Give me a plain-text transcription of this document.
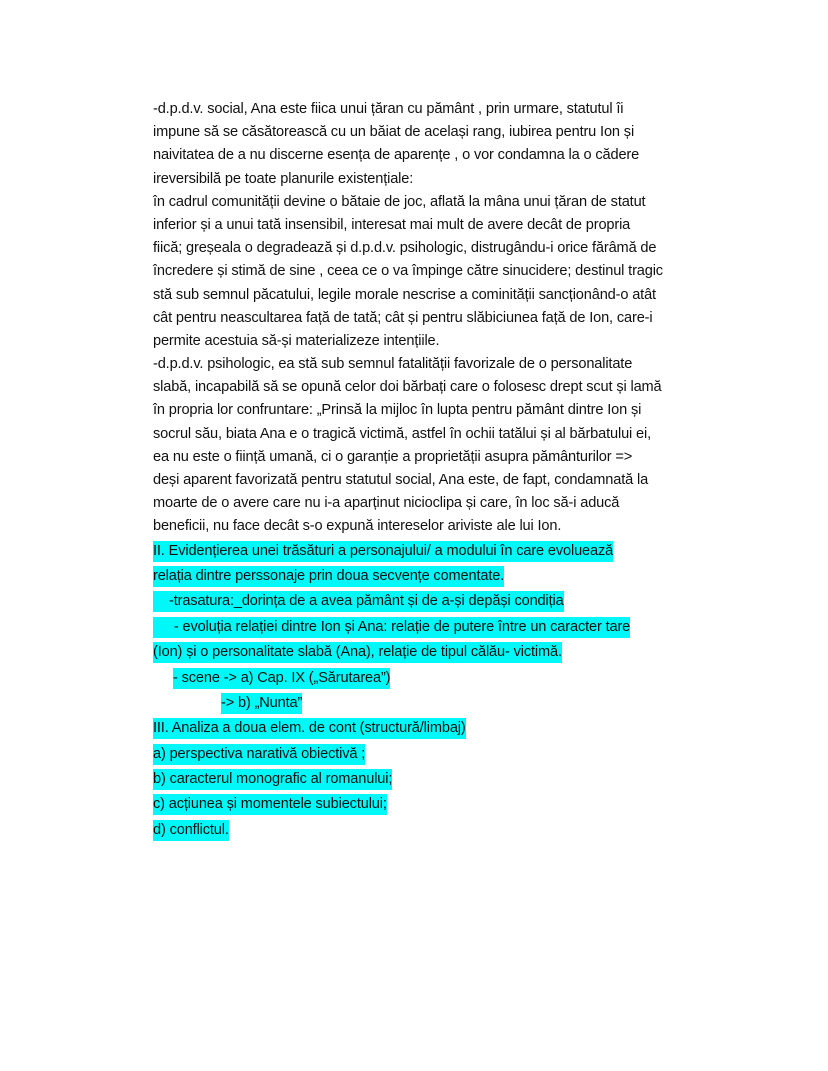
-d.p.d.v. social, Ana este fiica unui țăran cu pământ , prin urmare, statutul îi
impune să se căsătorească cu un băiat de același rang, iubirea pentru Ion și
naivitatea de a nu discerne esența de aparențe , o vor condamna la o cădere
ireversibilă pe toate planurile existențiale:
în cadrul comunității devine o bătaie de joc, aflată la mâna unui țăran de statut
inferior și a unui tată insensibil, interesat mai mult de avere decât de propria
fiică; greșeala o degradează și d.p.d.v. psihologic, distrugându-i orice fărâmă de
încredere și stimă de sine , ceea ce o va împinge către sinucidere; destinul tragic
stă sub semnul păcatului, legile morale nescrise a cominității sancționând-o atât
cât pentru neascultarea față de tată; cât și pentru slăbiciunea față de Ion, care-i
permite acestuia să-și materializeze intențiile.
-d.p.d.v. psihologic, ea stă sub semnul fatalității favorizale de o personalitate
slabă, incapabilă să se opună celor doi bărbați care o folosesc drept scut și lamă
în propria lor confruntare: „Prinsă la mijloc în lupta pentru pământ dintre Ion și
socrul său, biata Ana e o tragică victimă, astfel în ochii tatălui și al bărbatului ei,
ea nu este o ființă umană, ci o garanție a proprietății asupra pământurilor =>
deși aparent favorizată pentru statutul social, Ana este, de fapt, condamnată la
moarte de o avere care nu i-a aparținut nicioclipa și care, în loc să-i aducă
beneficii, nu face decât s-o expună intereselor ariviste ale lui Ion.
II. Evidențierea unei trăsături a personajului/ a modului în care evoluează
relația dintre perssonaje prin doua secvențe comentate.
-trasatura:_dorința de a avea pământ și de a-și depăși condiția
- evoluția relației dintre Ion și Ana: relație de putere între un caracter tare
(Ion) și o personalitate slabă (Ana), relație de tipul călău- victimă.
- scene -> a) Cap. IX („Sărutarea”)
-> b) „Nunta”
III. Analiza a doua elem. de cont (structură/limbaj)
a) perspectiva narativă obiectivă ;
b) caracterul monografic al romanului;
c) acțiunea și momentele subiectului;
d) conflictul.
